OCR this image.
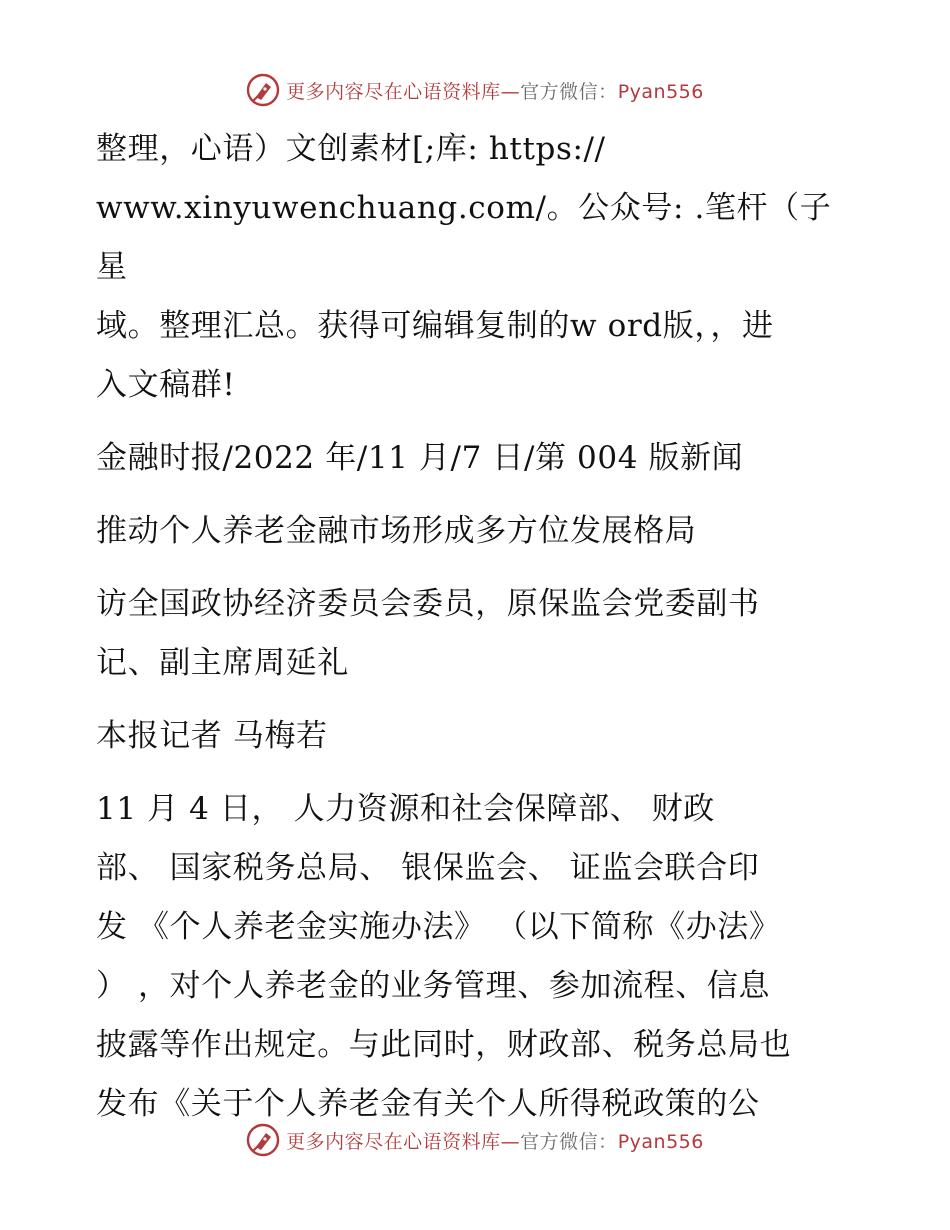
更多内容尽在心语资料库—官方微信：Pyan556

整理，心语）文创素材[;库: https://
www.xinyuwenchuang.com/。公众号: .笔杆（子星
域。整理汇总。获得可编辑复制的w ord版，，进
入文稿群!

金融时报/2022 年/11 月/7 日/第 004 版新闻

推动个人养老金融市场形成多方位发展格局

访全国政协经济委员会委员，原保监会党委副书
记、副主席周延礼

本报记者 马梅若

11 月 4 日， 人力资源和社会保障部、 财政
部、 国家税务总局、 银保监会、 证监会联合印
发 《个人养老金实施办法》 （以下简称《办法》
） ，对个人养老金的业务管理、参加流程、信息
披露等作出规定。与此同时，财政部、税务总局也
发布《关于个人养老金有关个人所得税政策的公

更多内容尽在心语资料库—官方微信：Pyan556
